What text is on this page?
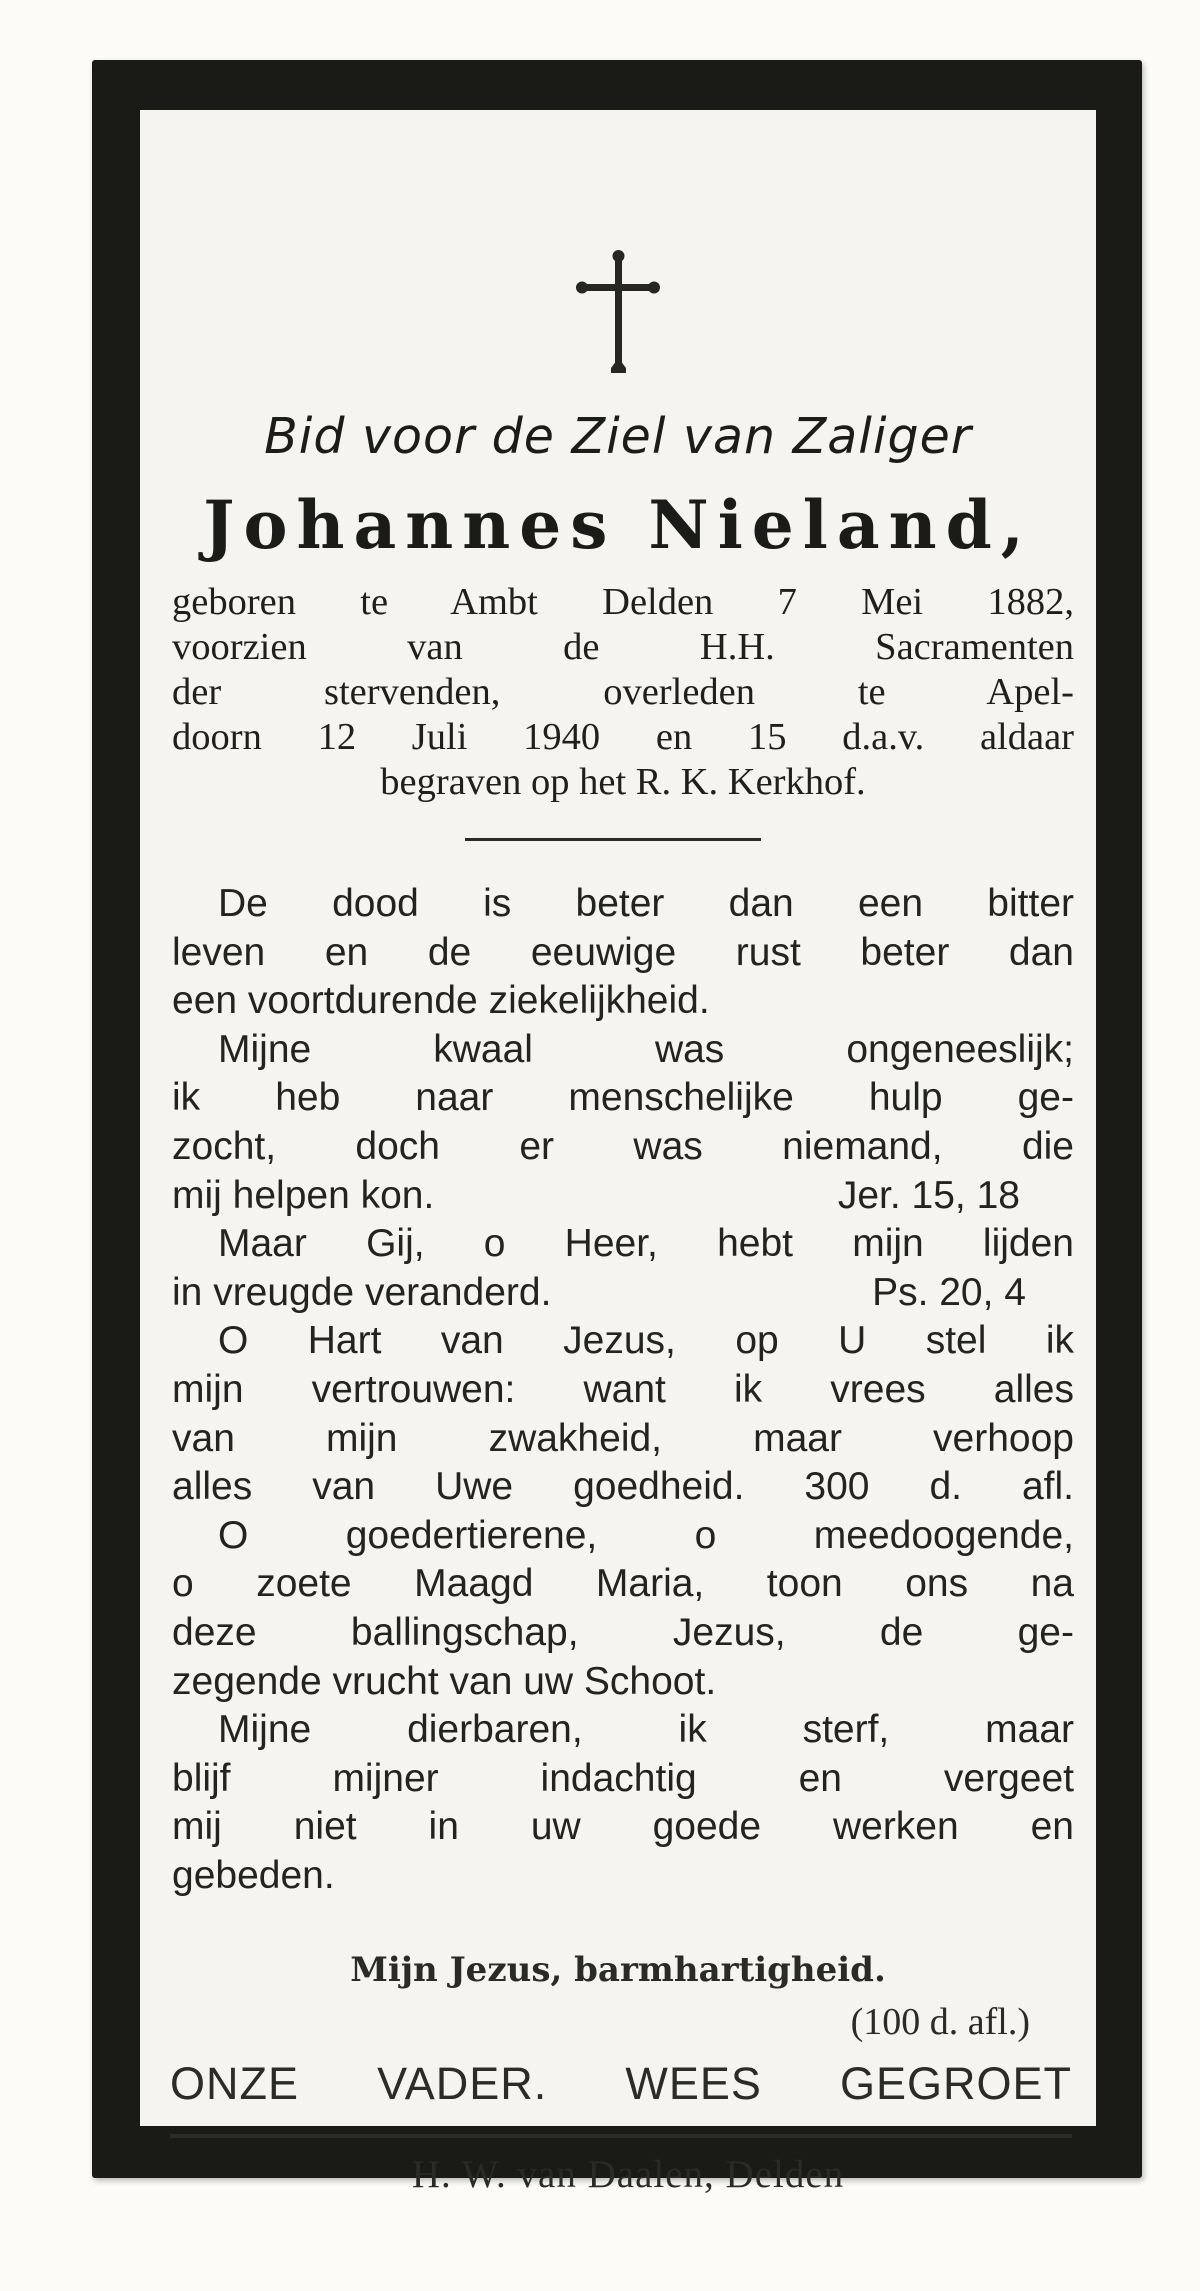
Bid voor de Ziel van Zaliger
Johannes Nieland,
geboren te Ambt Delden 7 Mei 1882,
voorzien van de H.H. Sacramenten
der stervenden, overleden te Apel-
doorn 12 Juli 1940 en 15 d.a.v. aldaar
begraven op het R. K. Kerkhof.
De dood is beter dan een bitter
leven en de eeuwige rust beter dan
een voortdurende ziekelijkheid.
Mijne kwaal was ongeneeslijk;
ik heb naar menschelijke hulp ge-
zocht, doch er was niemand, die
mij helpen kon.	Jer. 15, 18
Maar Gij, o Heer, hebt mijn lijden
in vreugde veranderd.	Ps. 20, 4
O Hart van Jezus, op U stel ik
mijn vertrouwen: want ik vrees alles
van mijn zwakheid, maar verhoop
alles van Uwe goedheid. 300 d. afl.
O goedertierene, o meedoogende,
o zoete Maagd Maria, toon ons na
deze ballingschap, Jezus, de ge-
zegende vrucht van uw Schoot.
Mijne dierbaren, ik sterf, maar
blijf mijner indachtig en vergeet
mij niet in uw goede werken en
gebeden.
Mijn Jezus, barmhartigheid.
(100 d. afl.)
ONZE VADER. WEES GEGROET
H. W. van Daalen, Delden
